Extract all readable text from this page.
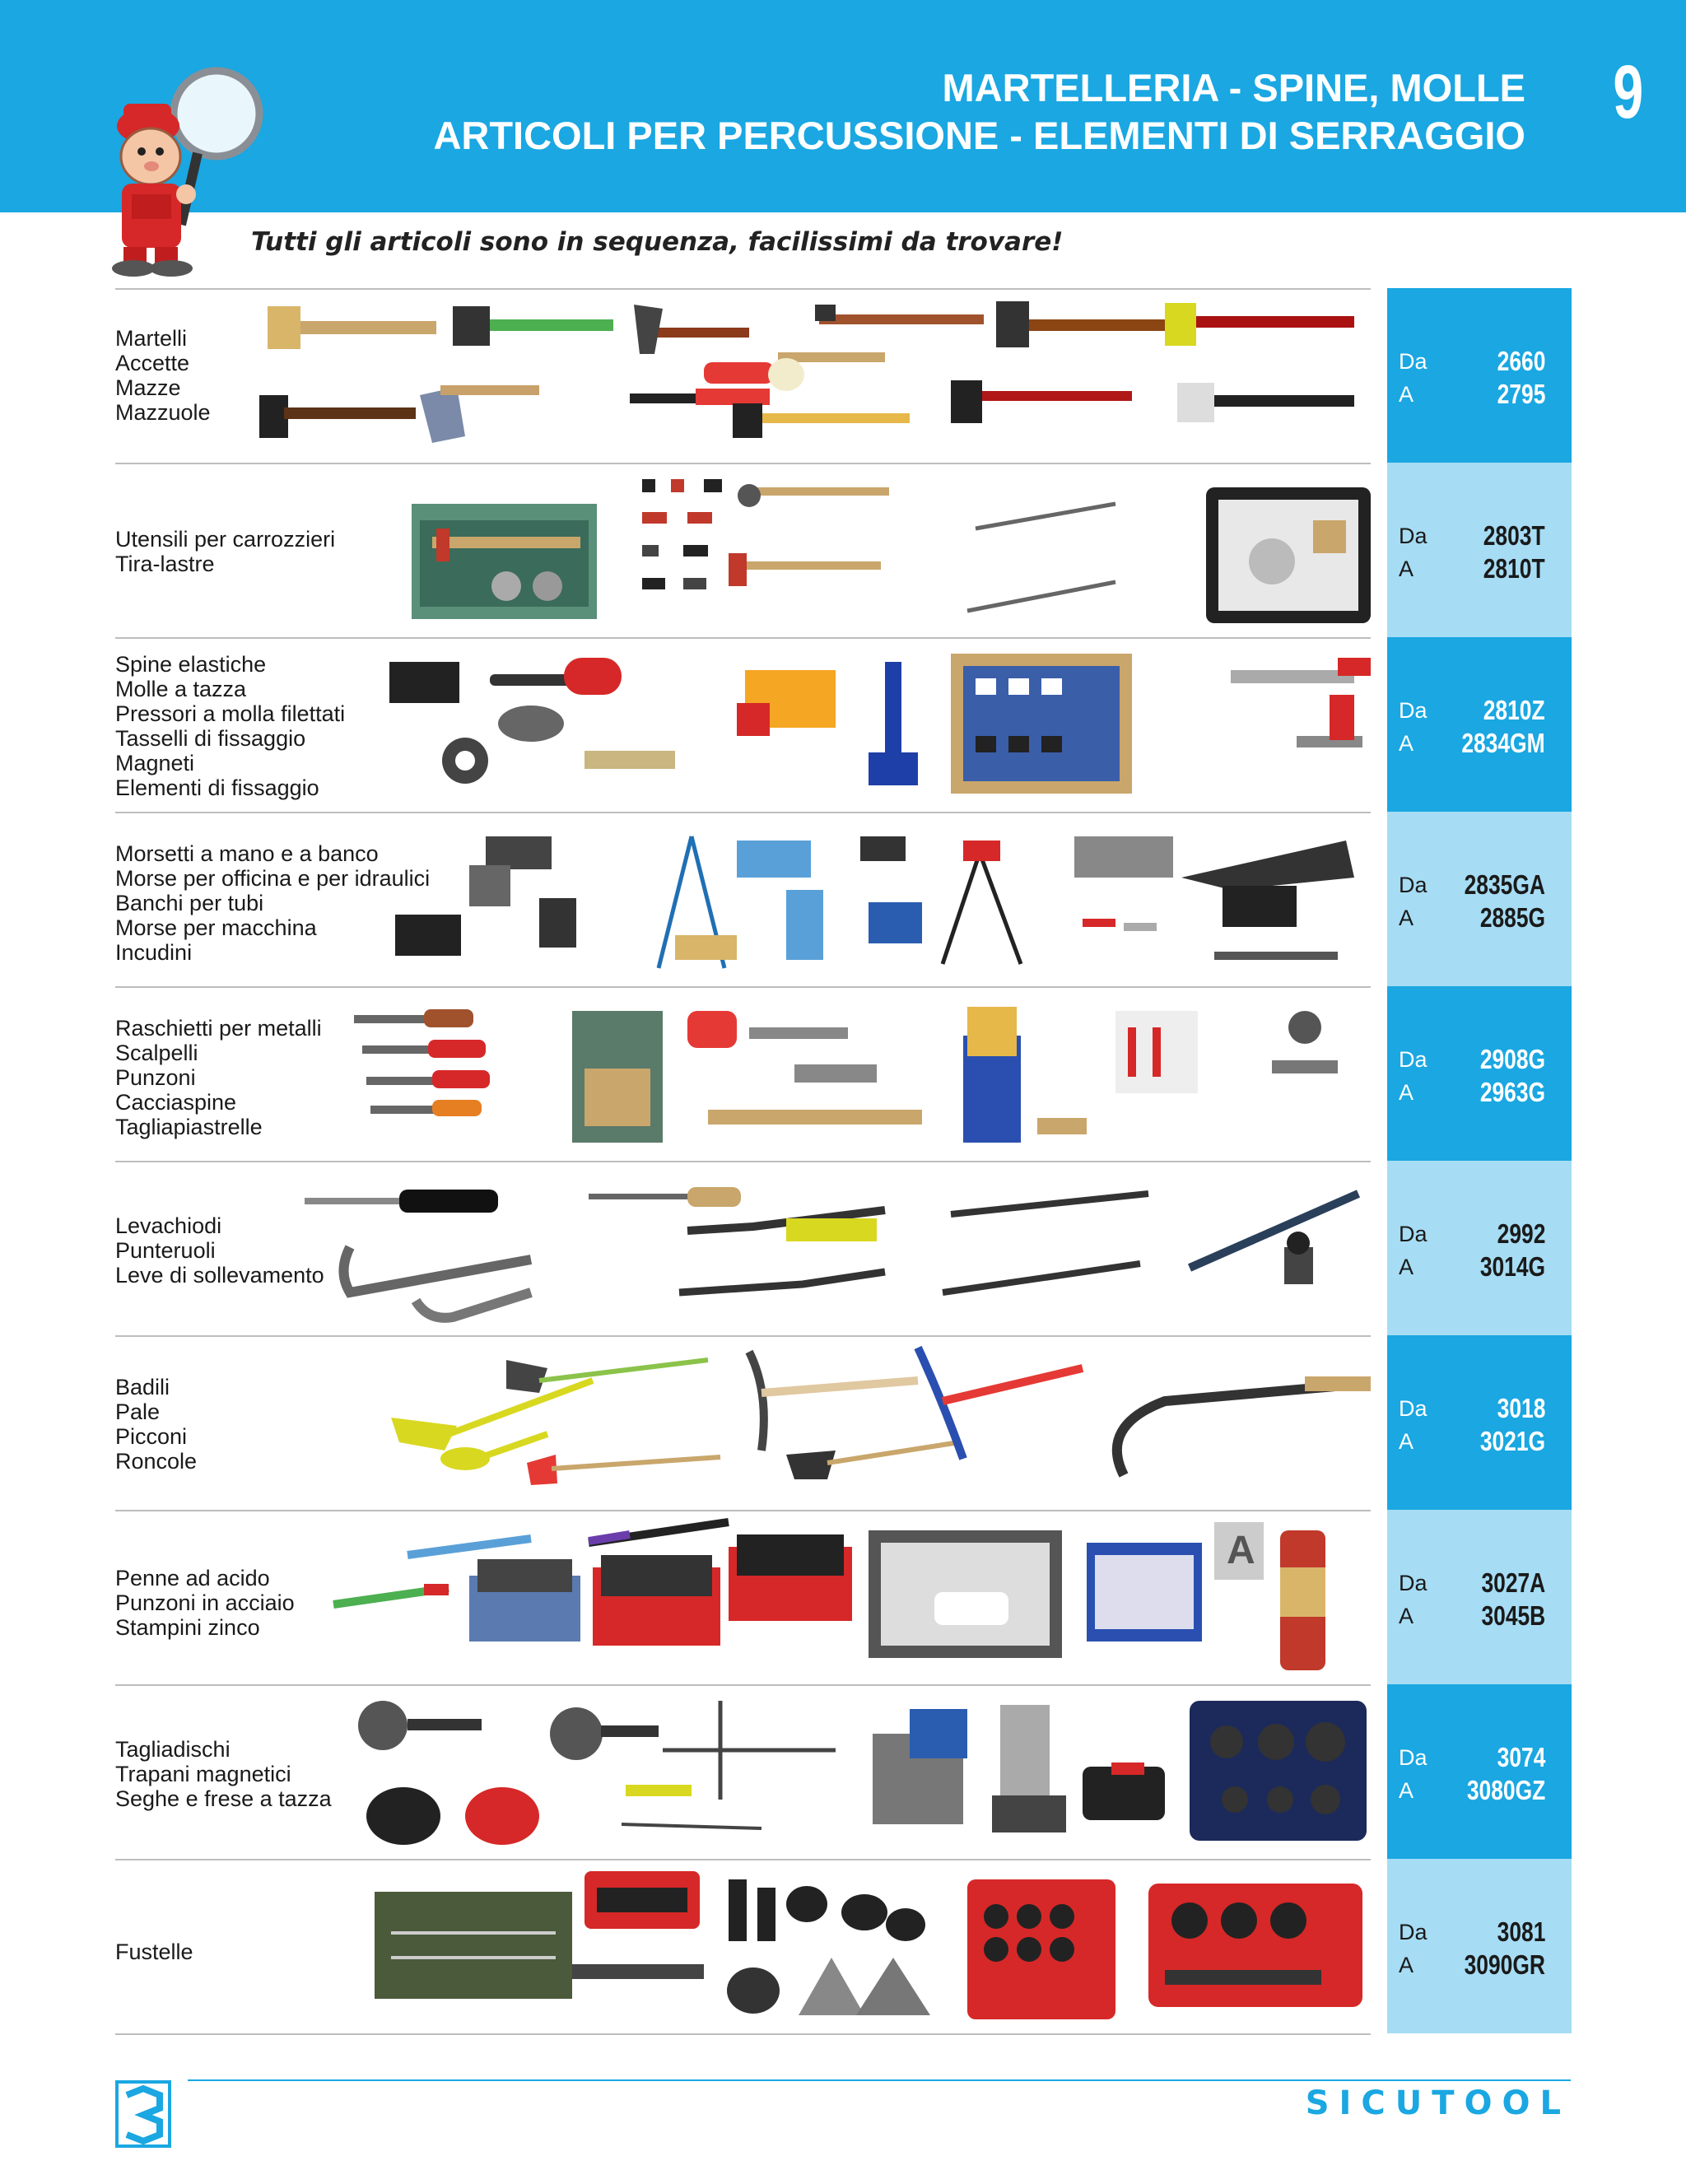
MARTELLERIA - SPINE, MOLLE
ARTICOLI PER PERCUSSIONE - ELEMENTI DI SERRAGGIO
9
Tutti gli articoli sono in sequenza, facilissimi da trovare!
Martelli
Accette
Mazze
Mazzuole
Da	2660
A	2795
Utensili per carrozzieri
Tira-lastre
Da 2803T
A	2810T
Spine elastiche
Molle a tazza
Pressori a molla filettati
Tasselli di fissaggio
Magneti
Elementi di fissaggio
Da 2810Z
A 2834GM
Morsetti a mano e a banco
Morse per officina e per idraulici
Banchi per tubi
Morse per macchina
Incudini
Da 2835GA
A 2885G
Raschietti per metalli
Scalpelli
Punzoni
Cacciaspine
Tagliapiastrelle
Da 2908G
A 2963G
Levachiodi
Punteruoli
Leve di sollevamento
Da	2992
A 3014G
Badili
Pale
Picconi
Roncole
Da	3018
A 3021G
Penne ad acido
Punzoni in acciaio
Stampini zinco
A
Da 3027A
A 3045B
Tagliadischi
Trapani magnetici
Seghe e frese a tazza
Da	3074
A 3080GZ
Fustelle
Da	3081
A 3090GR
SICUTOOL
